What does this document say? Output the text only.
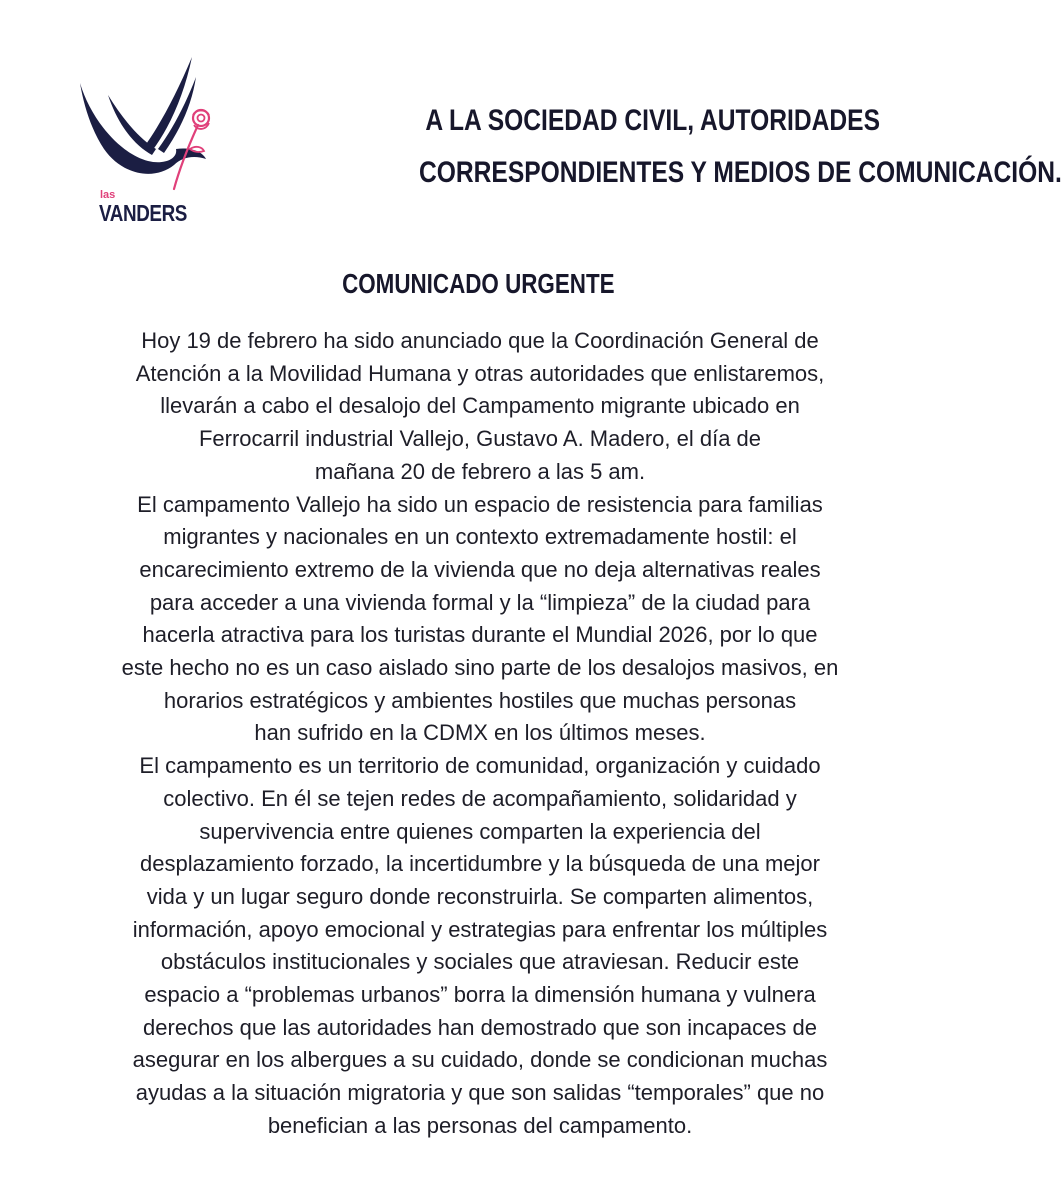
las
VANDERS
A LA SOCIEDAD CIVIL, AUTORIDADES
CORRESPONDIENTES Y MEDIOS DE COMUNICACIÓN.
COMUNICADO URGENTE
Hoy 19 de febrero ha sido anunciado que la Coordinación General de
Atención a la Movilidad Humana y otras autoridades que enlistaremos,
llevarán a cabo el desalojo del Campamento migrante ubicado en
Ferrocarril industrial Vallejo, Gustavo A. Madero, el día de
mañana 20 de febrero a las 5 am.
El campamento Vallejo ha sido un espacio de resistencia para familias
migrantes y nacionales en un contexto extremadamente hostil: el
encarecimiento extremo de la vivienda que no deja alternativas reales
para acceder a una vivienda formal y la “limpieza” de la ciudad para
hacerla atractiva para los turistas durante el Mundial 2026, por lo que
este hecho no es un caso aislado sino parte de los desalojos masivos, en
horarios estratégicos y ambientes hostiles que muchas personas
han sufrido en la CDMX en los últimos meses.
El campamento es un territorio de comunidad, organización y cuidado
colectivo. En él se tejen redes de acompañamiento, solidaridad y
supervivencia entre quienes comparten la experiencia del
desplazamiento forzado, la incertidumbre y la búsqueda de una mejor
vida y un lugar seguro donde reconstruirla. Se comparten alimentos,
información, apoyo emocional y estrategias para enfrentar los múltiples
obstáculos institucionales y sociales que atraviesan. Reducir este
espacio a “problemas urbanos” borra la dimensión humana y vulnera
derechos que las autoridades han demostrado que son incapaces de
asegurar en los albergues a su cuidado, donde se condicionan muchas
ayudas a la situación migratoria y que son salidas “temporales” que no
benefician a las personas del campamento.
